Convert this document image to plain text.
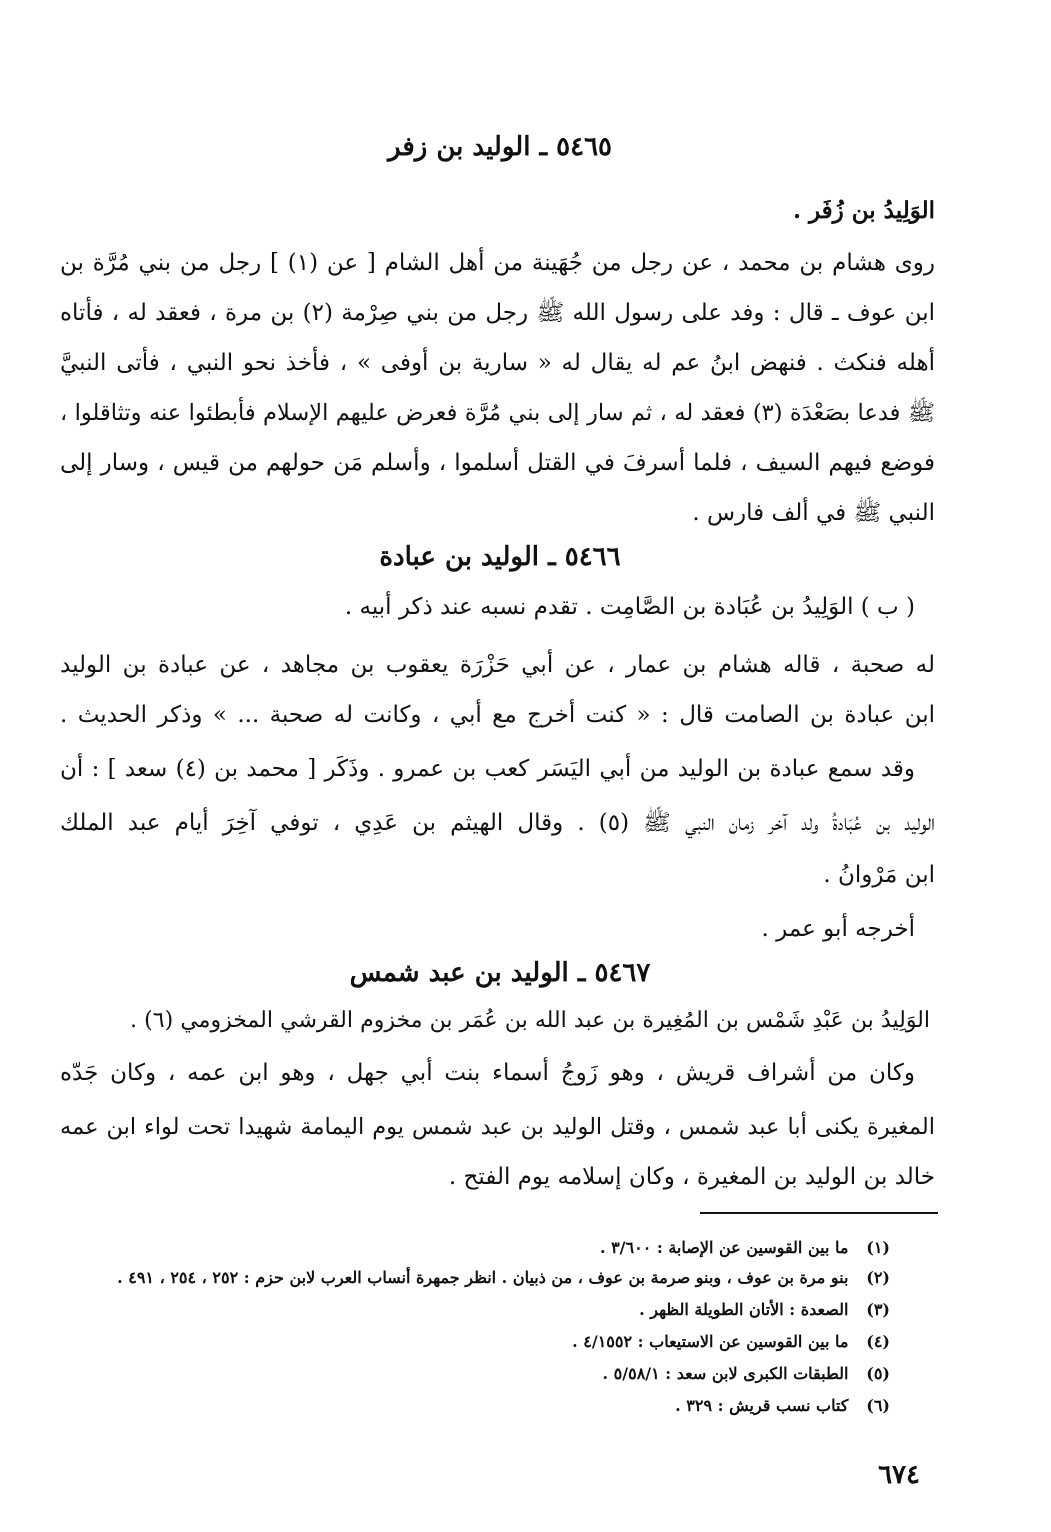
٥٤٦٥ ـ الوليد بن زفر
الوَلِيدُ بن زُفَر .
روى هشام بن محمد ، عن رجل من جُهَينة من أهل الشام [ عن (١) ] رجل من بني مُرَّة بن
ابن عوف ـ قال : وفد على رسول الله ﷺ رجل من بني صِرْمة (٢) بن مرة ، فعقد له ، فأتاه
أهله فنكث . فنهض ابنُ عم له يقال له « سارية بن أوفى » ، فأخذ نحو النبي ، فأتى النبيَّ
ﷺ فدعا بصَعْدَة (٣) فعقد له ، ثم سار إلى بني مُرَّة فعرض عليهم الإسلام فأبطئوا عنه وتثاقلوا ،
فوضع فيهم السيف ، فلما أسرفَ في القتل أسلموا ، وأسلم مَن حولهم من قيس ، وسار إلى
النبي ﷺ في ألف فارس .
٥٤٦٦ ـ الوليد بن عبادة
( ب ) الوَلِيدُ بن عُبَادة بن الصَّامِت . تقدم نسبه عند ذكر أبيه .
له صحبة ، قاله هشام بن عمار ، عن أبي حَزْرَة يعقوب بن مجاهد ، عن عبادة بن الوليد
ابن عبادة بن الصامت قال : « كنت أخرج مع أبي ، وكانت له صحبة ... » وذكر الحديث .
وقد سمع عبادة بن الوليد من أبي اليَسَر كعب بن عمرو . وذَكَر [ محمد بن (٤) سعد ] : أن
الوليد بن عُبَادةُ ولد آخر زمان النبي ﷺ (٥) . وقال الهيثم بن عَدِي ، توفي آخِرَ أيام عبد الملك
ابن مَرْوانُ .
أخرجه أبو عمر .
٥٤٦٧ ـ الوليد بن عبد شمس
الوَلِيدُ بن عَبْدِ شَمْس بن المُغِيرة بن عبد الله بن عُمَر بن مخزوم القرشي المخزومي (٦) .
وكان من أشراف قريش ، وهو زَوجُ أسماء بنت أبي جهل ، وهو ابن عمه ، وكان جَدّه
المغيرة يكنى أبا عبد شمس ، وقتل الوليد بن عبد شمس يوم اليمامة شهيدا تحت لواء ابن عمه
خالد بن الوليد بن المغيرة ، وكان إسلامه يوم الفتح .
(١) ما بين القوسين عن الإصابة : ٣/٦٠٠ .
(٢) بنو مرة بن عوف ، وبنو صرمة بن عوف ، من ذبيان . انظر جمهرة أنساب العرب لابن حزم : ٢٥٢ ، ٢٥٤ ، ٤٩١ .
(٣) الصعدة : الأتان الطويلة الظهر .
(٤) ما بين القوسين عن الاستيعاب : ٤/١٥٥٢ .
(٥) الطبقات الكبرى لابن سعد : ٥/٥٨/١ .
(٦) كتاب نسب قريش : ٣٢٩ .
٦٧٤
